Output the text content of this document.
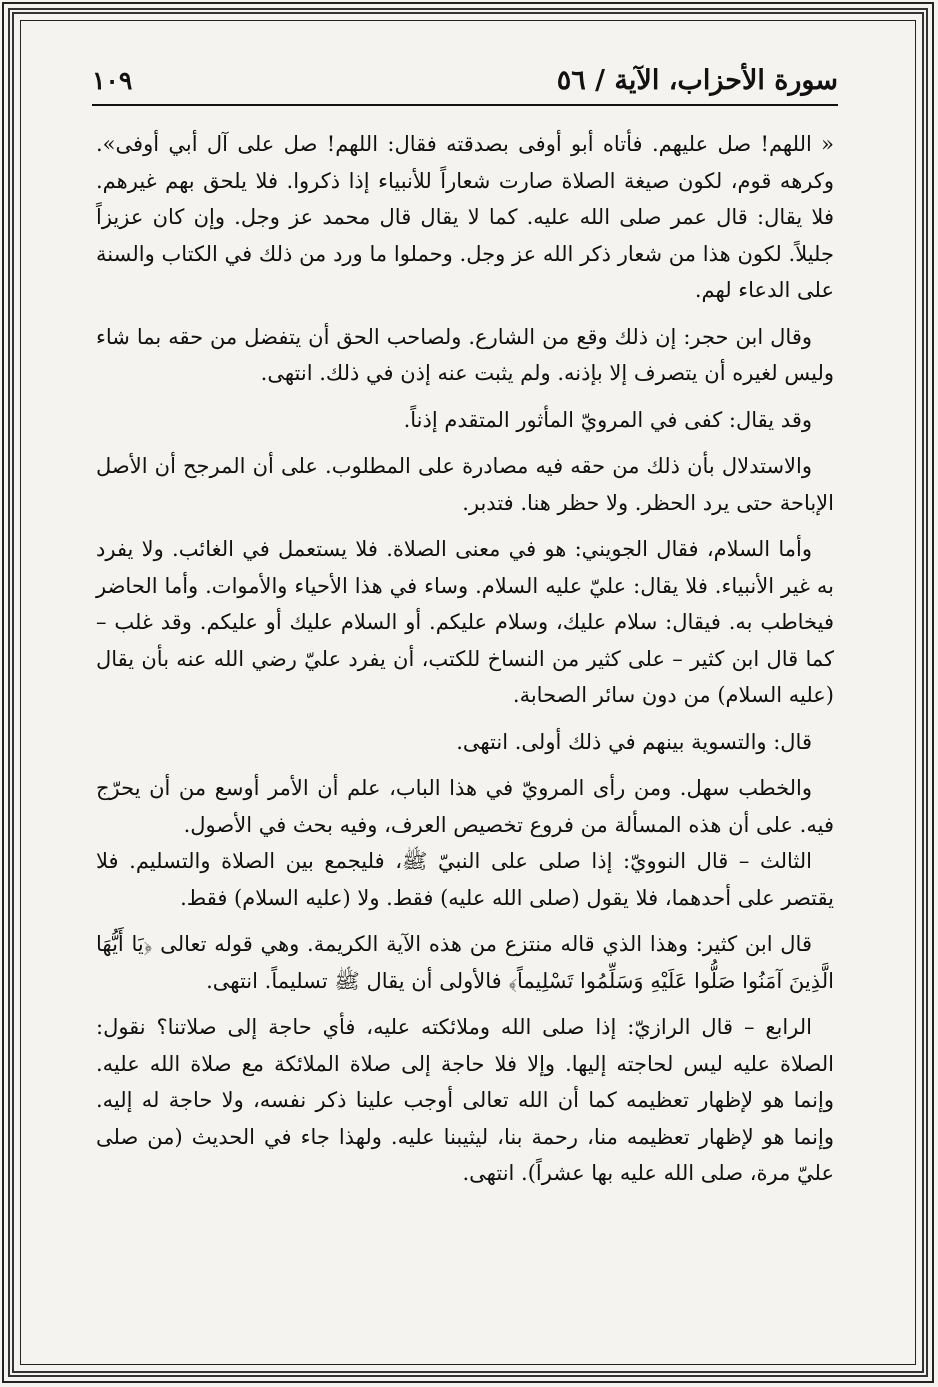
سورة الأحزاب، الآية / ٥٦
١٠٩

« اللهم! صل عليهم. فأتاه أبو أوفى بصدقته فقال: اللهم! صل على آل أبي أوفى». وكرهه قوم، لكون صيغة الصلاة صارت شعاراً للأنبياء إذا ذكروا. فلا يلحق بهم غيرهم. فلا يقال: قال عمر صلى الله عليه. كما لا يقال قال محمد عز وجل. وإن كان عزيزاً جليلاً. لكون هذا من شعار ذكر الله عز وجل. وحملوا ما ورد من ذلك في الكتاب والسنة على الدعاء لهم.

وقال ابن حجر: إن ذلك وقع من الشارع. ولصاحب الحق أن يتفضل من حقه بما شاء وليس لغيره أن يتصرف إلا بإذنه. ولم يثبت عنه إذن في ذلك. انتهى.

وقد يقال: كفى في المرويّ المأثور المتقدم إذناً.

والاستدلال بأن ذلك من حقه فيه مصادرة على المطلوب. على أن المرجح أن الأصل الإباحة حتى يرد الحظر. ولا حظر هنا. فتدبر.

وأما السلام، فقال الجويني: هو في معنى الصلاة. فلا يستعمل في الغائب. ولا يفرد به غير الأنبياء. فلا يقال: عليّ عليه السلام. وساء في هذا الأحياء والأموات. وأما الحاضر فيخاطب به. فيقال: سلام عليك، وسلام عليكم. أو السلام عليك أو عليكم. وقد غلب – كما قال ابن كثير – على كثير من النساخ للكتب، أن يفرد عليّ رضي الله عنه بأن يقال (عليه السلام) من دون سائر الصحابة.

قال: والتسوية بينهم في ذلك أولى. انتهى.

والخطب سهل. ومن رأى المرويّ في هذا الباب، علم أن الأمر أوسع من أن يحرّج فيه. على أن هذه المسألة من فروع تخصيص العرف، وفيه بحث في الأصول.

الثالث – قال النوويّ: إذا صلى على النبيّ ﷺ، فليجمع بين الصلاة والتسليم. فلا يقتصر على أحدهما، فلا يقول (صلى الله عليه) فقط. ولا (عليه السلام) فقط.

قال ابن كثير: وهذا الذي قاله منتزع من هذه الآية الكريمة. وهي قوله تعالى ﴿يَا أَيُّهَا الَّذِينَ آمَنُوا صَلُّوا عَلَيْهِ وَسَلِّمُوا تَسْلِيماً﴾ فالأولى أن يقال ﷺ تسليماً. انتهى.

الرابع – قال الرازيّ: إذا صلى الله وملائكته عليه، فأي حاجة إلى صلاتنا؟ نقول: الصلاة عليه ليس لحاجته إليها. وإلا فلا حاجة إلى صلاة الملائكة مع صلاة الله عليه. وإنما هو لإظهار تعظيمه كما أن الله تعالى أوجب علينا ذكر نفسه، ولا حاجة له إليه. وإنما هو لإظهار تعظيمه منا، رحمة بنا، ليثيبنا عليه. ولهذا جاء في الحديث (من صلى عليّ مرة، صلى الله عليه بها عشراً). انتهى.
